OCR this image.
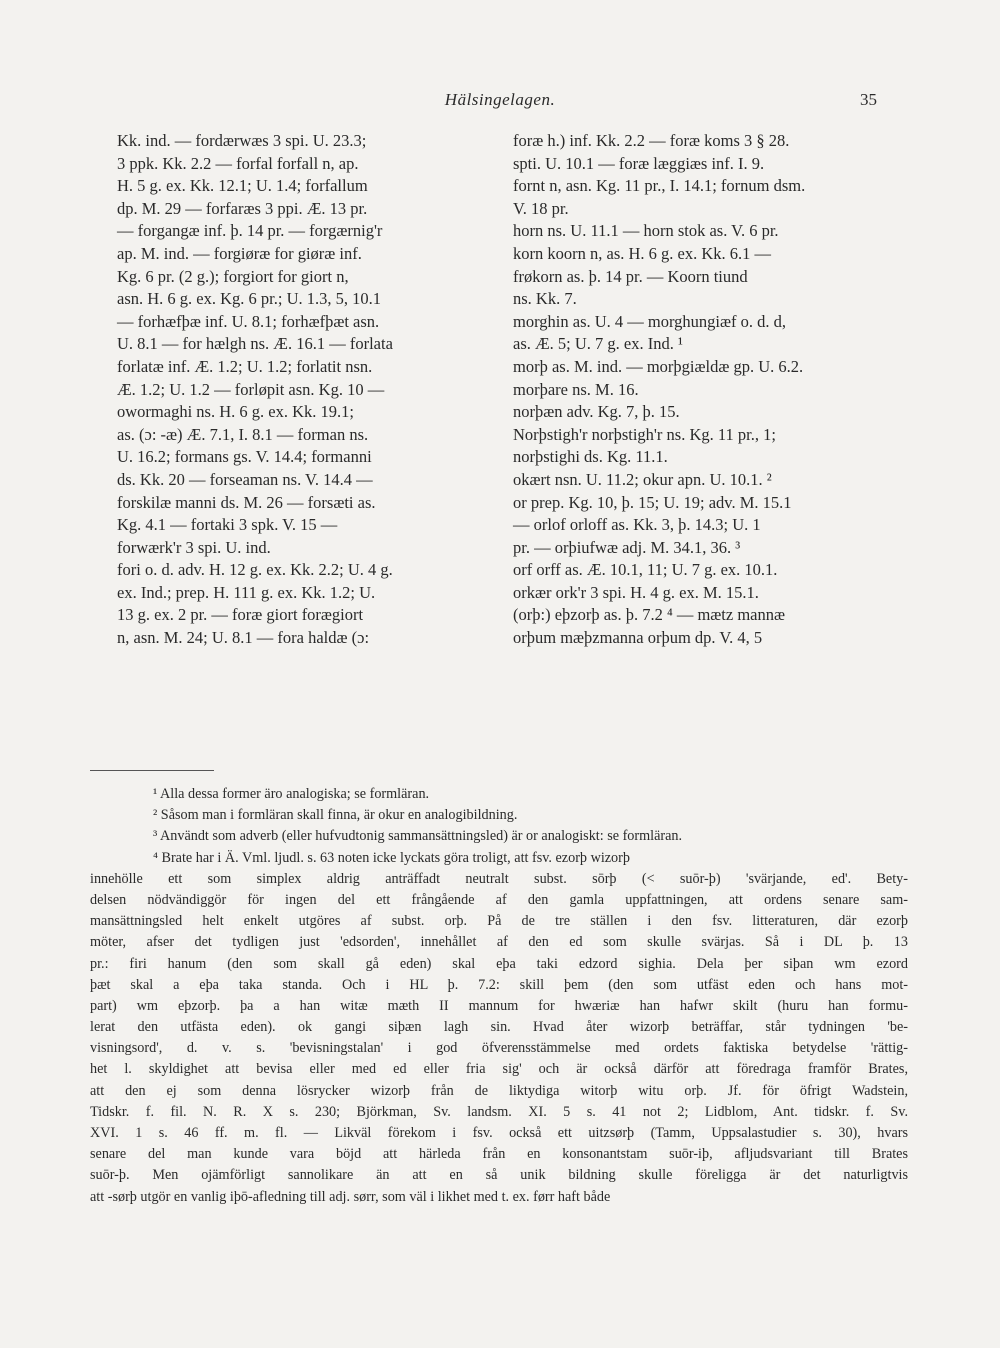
Hälsingelagen.	35
Kk. ind. — fordærwæs 3 spi. U. 23.3;
3 ppk. Kk. 2.2 — forfal forfall n, ap.
H. 5 g. ex. Kk. 12.1; U. 1.4; forfallum
dp. M. 29 — forfaræs 3 ppi. Æ. 13 pr.
— forgangæ inf. þ. 14 pr. — forgærnig'r
ap. M. ind. — forgiøræ for giøræ inf.
Kg. 6 pr. (2 g.); forgiort for giort n,
asn. H. 6 g. ex. Kg. 6 pr.; U. 1.3, 5, 10.1
— forhæfþæ inf. U. 8.1; forhæfþæt asn.
U. 8.1 — for hælgh ns. Æ. 16.1 — forlata
forlatæ inf. Æ. 1.2; U. 1.2; forlatit nsn.
Æ. 1.2; U. 1.2 — forløpit asn. Kg. 10 —
owormaghi ns. H. 6 g. ex. Kk. 19.1;
as. (ɔ: -æ) Æ. 7.1, I. 8.1 — forman ns.
U. 16.2; formans gs. V. 14.4; formanni
ds. Kk. 20 — forseaman ns. V. 14.4 —
forskilæ manni ds. M. 26 — forsæti as.
Kg. 4.1 — fortaki 3 spk. V. 15 —
forwærk'r 3 spi. U. ind.
fori o. d. adv. H. 12 g. ex. Kk. 2.2; U. 4 g.
ex. Ind.; prep. H. 111 g. ex. Kk. 1.2; U.
13 g. ex. 2 pr. — foræ giort forægiort
n, asn. M. 24; U. 8.1 — fora haldæ (ɔ:
foræ h.) inf. Kk. 2.2 — foræ koms 3 § 28.
spti. U. 10.1 — foræ læggiæs inf. I. 9.
fornt n, asn. Kg. 11 pr., I. 14.1; fornum dsm.
V. 18 pr.
horn ns. U. 11.1 — horn stok as. V. 6 pr.
korn koorn n, as. H. 6 g. ex. Kk. 6.1 —
frøkorn as. þ. 14 pr. — Koorn tiund
ns. Kk. 7.
morghin as. U. 4 — morghungiæf o. d. d,
as. Æ. 5; U. 7 g. ex. Ind. ¹
morþ as. M. ind. — morþgiældæ gp. U. 6.2.
morþare ns. M. 16.
norþæn adv. Kg. 7, þ. 15.
Norþstigh'r norþstigh'r ns. Kg. 11 pr., 1;
norþstighi ds. Kg. 11.1.
okært nsn. U. 11.2; okur apn. U. 10.1. ²
or prep. Kg. 10, þ. 15; U. 19; adv. M. 15.1
— orlof orloff as. Kk. 3, þ. 14.3; U. 1
pr. — orþiufwæ adj. M. 34.1, 36. ³
orf orff as. Æ. 10.1, 11; U. 7 g. ex. 10.1.
orkær ork'r 3 spi. H. 4 g. ex. M. 15.1.
(orþ:) eþzorþ as. þ. 7.2 ⁴ — mætz mannæ
orþum mæþzmanna orþum dp. V. 4, 5
¹ Alla dessa former äro analogiska; se formläran.
² Såsom man i formläran skall finna, är okur en analogibildning.
³ Användt som adverb (eller hufvudtonig sammansättningsled) är or analogiskt: se formläran.
⁴ Brate har i Ä. Vml. ljudl. s. 63 noten icke lyckats göra troligt, att fsv. ezorþ wizorþ
innehölle ett som simplex aldrig anträffadt neutralt subst. sōrþ (< suōr-þ) 'svärjande, ed'. Bety-
delsen nödvändiggör för ingen del ett frångående af den gamla uppfattningen, att ordens senare sam-
mansättningsled helt enkelt utgöres af subst. orþ. På de tre ställen i den fsv. litteraturen, där ezorþ
möter, afser det tydligen just 'edsorden', innehållet af den ed som skulle svärjas. Så i DL þ. 13
pr.: firi hanum (den som skall gå eden) skal eþa taki edzord sighia. Dela þer siþan wm ezord
þæt skal a eþa taka standa. Och i HL þ. 7.2: skill þem (den som utfäst eden och hans mot-
part) wm eþzorþ. þa a han witæ mæth II mannum for hwæriæ han hafwr skilt (huru han formu-
lerat den utfästa eden). ok gangi siþæn lagh sin. Hvad åter wizorþ beträffar, står tydningen 'be-
visningsord', d. v. s. 'bevisningstalan' i god öfverensstämmelse med ordets faktiska betydelse 'rättig-
het l. skyldighet att bevisa eller med ed eller fria sig' och är också därför att föredraga framför Brates,
att den ej som denna lösrycker wizorþ från de liktydiga witorþ witu orþ. Jf. för öfrigt Wadstein,
Tidskr. f. fil. N. R. X s. 230; Björkman, Sv. landsm. XI. 5 s. 41 not 2; Lidblom, Ant. tidskr. f. Sv.
XVI. 1 s. 46 ff. m. fl. — Likväl förekom i fsv. också ett uitzsørþ (Tamm, Uppsalastudier s. 30), hvars
senare del man kunde vara böjd att härleda från en konsonantstam suōr-iþ, afljudsvariant till Brates
suōr-þ. Men ojämförligt sannolikare än att en så unik bildning skulle föreligga är det naturligtvis
att -sørþ utgör en vanlig iþō-afledning till adj. sørr, som väl i likhet med t. ex. førr haft både
